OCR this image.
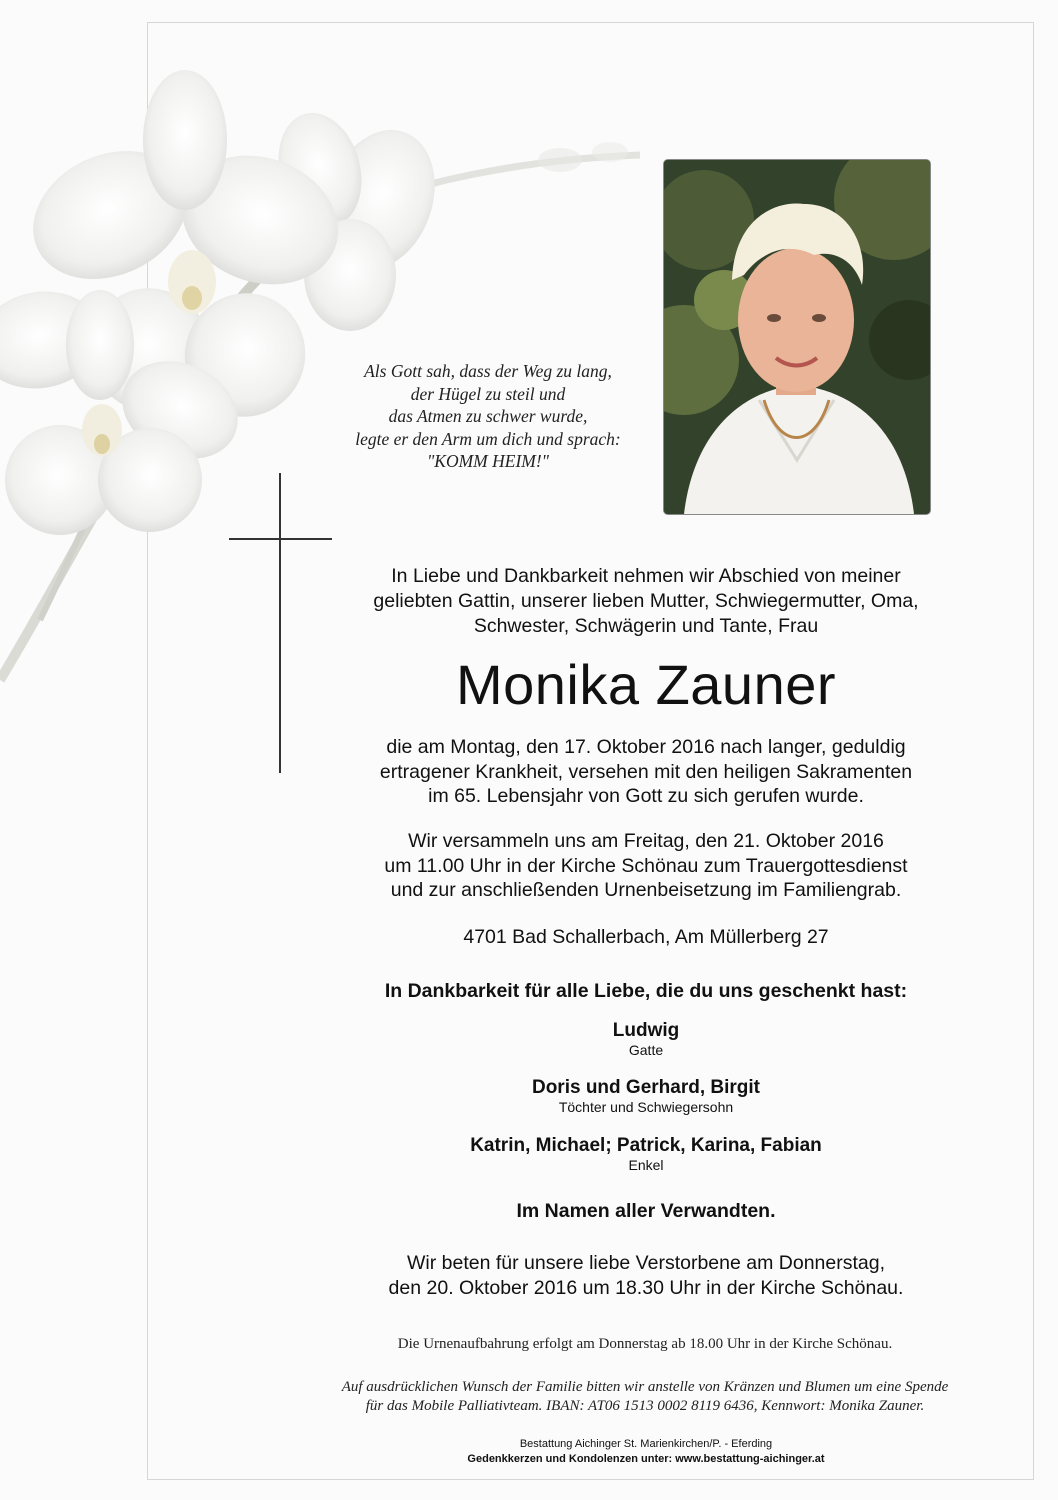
Als Gott sah, dass der Weg zu lang,
der Hügel zu steil und
das Atmen zu schwer wurde,
legte er den Arm um dich und sprach:
"KOMM HEIM!"
In Liebe und Dankbarkeit nehmen wir Abschied von meiner
geliebten Gattin, unserer lieben Mutter, Schwiegermutter, Oma,
Schwester, Schwägerin und Tante, Frau
Monika Zauner
die am Montag, den 17. Oktober 2016 nach langer, geduldig
ertragener Krankheit, versehen mit den heiligen Sakramenten
im 65. Lebensjahr von Gott zu sich gerufen wurde.
Wir versammeln uns am Freitag, den 21. Oktober 2016
um 11.00 Uhr in der Kirche Schönau zum Trauergottesdienst
und zur anschließenden Urnenbeisetzung im Familiengrab.
4701 Bad Schallerbach, Am Müllerberg 27
In Dankbarkeit für alle Liebe, die du uns geschenkt hast:
Ludwig
Gatte
Doris und Gerhard, Birgit
Töchter und Schwiegersohn
Katrin, Michael; Patrick, Karina, Fabian
Enkel
Im Namen aller Verwandten.
Wir beten für unsere liebe Verstorbene am Donnerstag,
den 20. Oktober 2016 um 18.30 Uhr in der Kirche Schönau.
Die Urnenaufbahrung erfolgt am Donnerstag ab 18.00 Uhr in der Kirche Schönau.
Auf ausdrücklichen Wunsch der Familie bitten wir anstelle von Kränzen und Blumen um eine Spende
für das Mobile Palliativteam. IBAN: AT06 1513 0002 8119 6436, Kennwort: Monika Zauner.
Bestattung Aichinger St. Marienkirchen/P. - Eferding
Gedenkkerzen und Kondolenzen unter: www.bestattung-aichinger.at
